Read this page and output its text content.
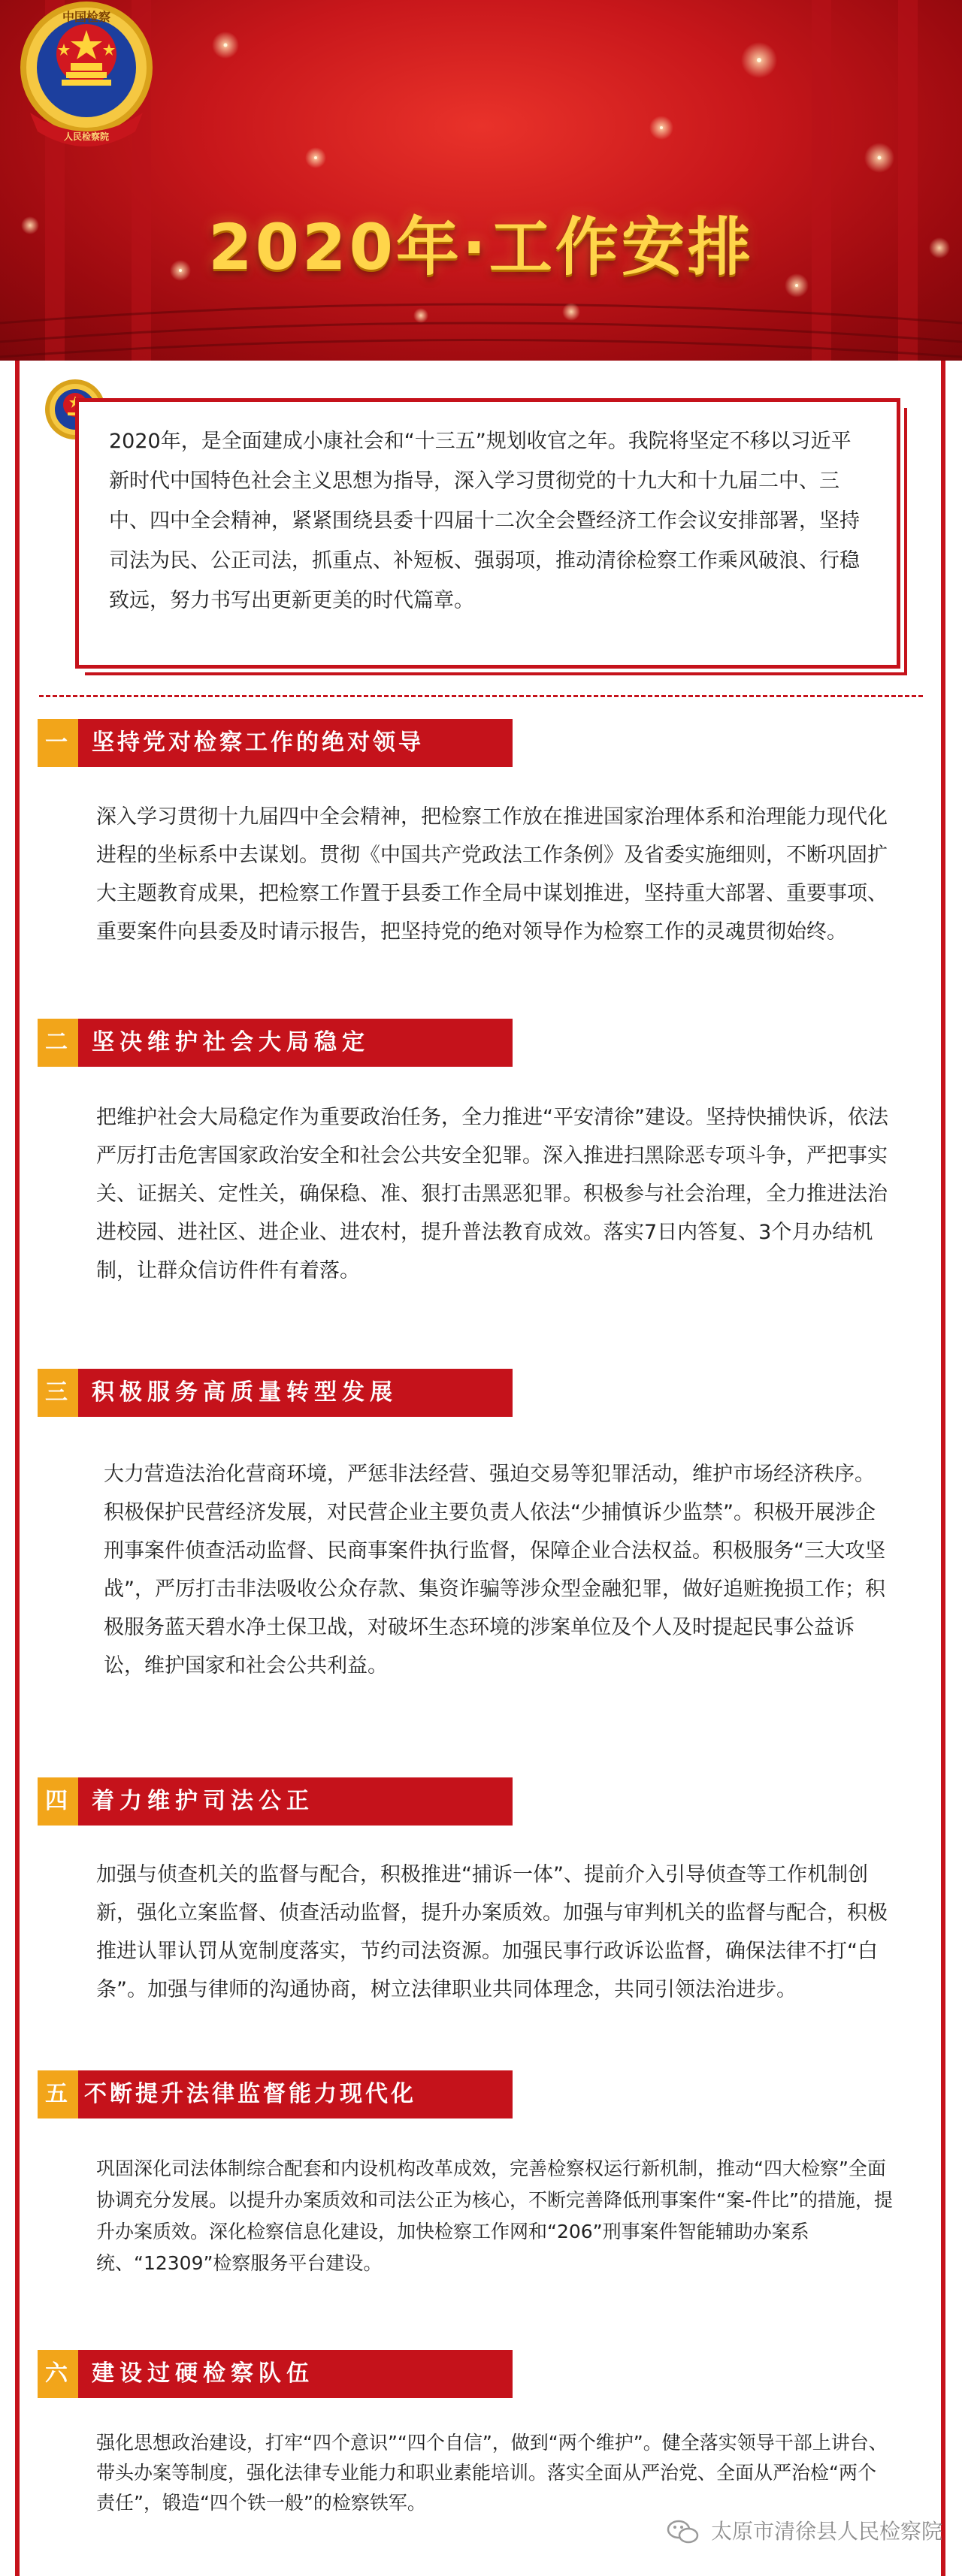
中国检察
人民检察院
2020年·工作安排
2020年，是全面建成小康社会和“十三五”规划收官之年。我院将坚定不移以习近平新时代中国特色社会主义思想为指导，深入学习贯彻党的十九大和十九届二中、三中、四中全会精神，紧紧围绕县委十四届十二次全会暨经济工作会议安排部署，坚持司法为民、公正司法，抓重点、补短板、强弱项，推动清徐检察工作乘风破浪、行稳致远，努力书写出更新更美的时代篇章。
一	坚持党对检察工作的绝对领导

深入学习贯彻十九届四中全会精神，把检察工作放在推进国家治理体系和治理能力现代化进程的坐标系中去谋划。贯彻《中国共产党政法工作条例》及省委实施细则，不断巩固扩大主题教育成果，把检察工作置于县委工作全局中谋划推进，坚持重大部署、重要事项、重要案件向县委及时请示报告，把坚持党的绝对领导作为检察工作的灵魂贯彻始终。

二	坚决维护社会大局稳定

把维护社会大局稳定作为重要政治任务，全力推进“平安清徐”建设。坚持快捕快诉，依法严厉打击危害国家政治安全和社会公共安全犯罪。深入推进扫黑除恶专项斗争，严把事实关、证据关、定性关，确保稳、准、狠打击黑恶犯罪。积极参与社会治理，全力推进法治进校园、进社区、进企业、进农村，提升普法教育成效。落实7日内答复、3个月办结机制，让群众信访件件有着落。

三	积极服务高质量转型发展

大力营造法治化营商环境，严惩非法经营、强迫交易等犯罪活动，维护市场经济秩序。积极保护民营经济发展，对民营企业主要负责人依法“少捕慎诉少监禁”。积极开展涉企刑事案件侦查活动监督、民商事案件执行监督，保障企业合法权益。积极服务“三大攻坚战”，严厉打击非法吸收公众存款、集资诈骗等涉众型金融犯罪，做好追赃挽损工作；积极服务蓝天碧水净土保卫战，对破坏生态环境的涉案单位及个人及时提起民事公益诉讼，维护国家和社会公共利益。

四	着力维护司法公正

加强与侦查机关的监督与配合，积极推进“捕诉一体”、提前介入引导侦查等工作机制创新，强化立案监督、侦查活动监督，提升办案质效。加强与审判机关的监督与配合，积极推进认罪认罚从宽制度落实，节约司法资源。加强民事行政诉讼监督，确保法律不打“白条”。加强与律师的沟通协商，树立法律职业共同体理念，共同引领法治进步。

五 不断提升法律监督能力现代化

巩固深化司法体制综合配套和内设机构改革成效，完善检察权运行新机制，推动“四大检察”全面协调充分发展。以提升办案质效和司法公正为核心，不断完善降低刑事案件“案-件比”的措施，提升办案质效。深化检察信息化建设，加快检察工作网和“206”刑事案件智能辅助办案系统、“12309”检察服务平台建设。

六	建设过硬检察队伍

强化思想政治建设，打牢“四个意识”“四个自信”，做到“两个维护”。健全落实领导干部上讲台、带头办案等制度，强化法律专业能力和职业素能培训。落实全面从严治党、全面从严治检“两个责任”，锻造“四个铁一般”的检察铁军。

太原市清徐县人民检察院
